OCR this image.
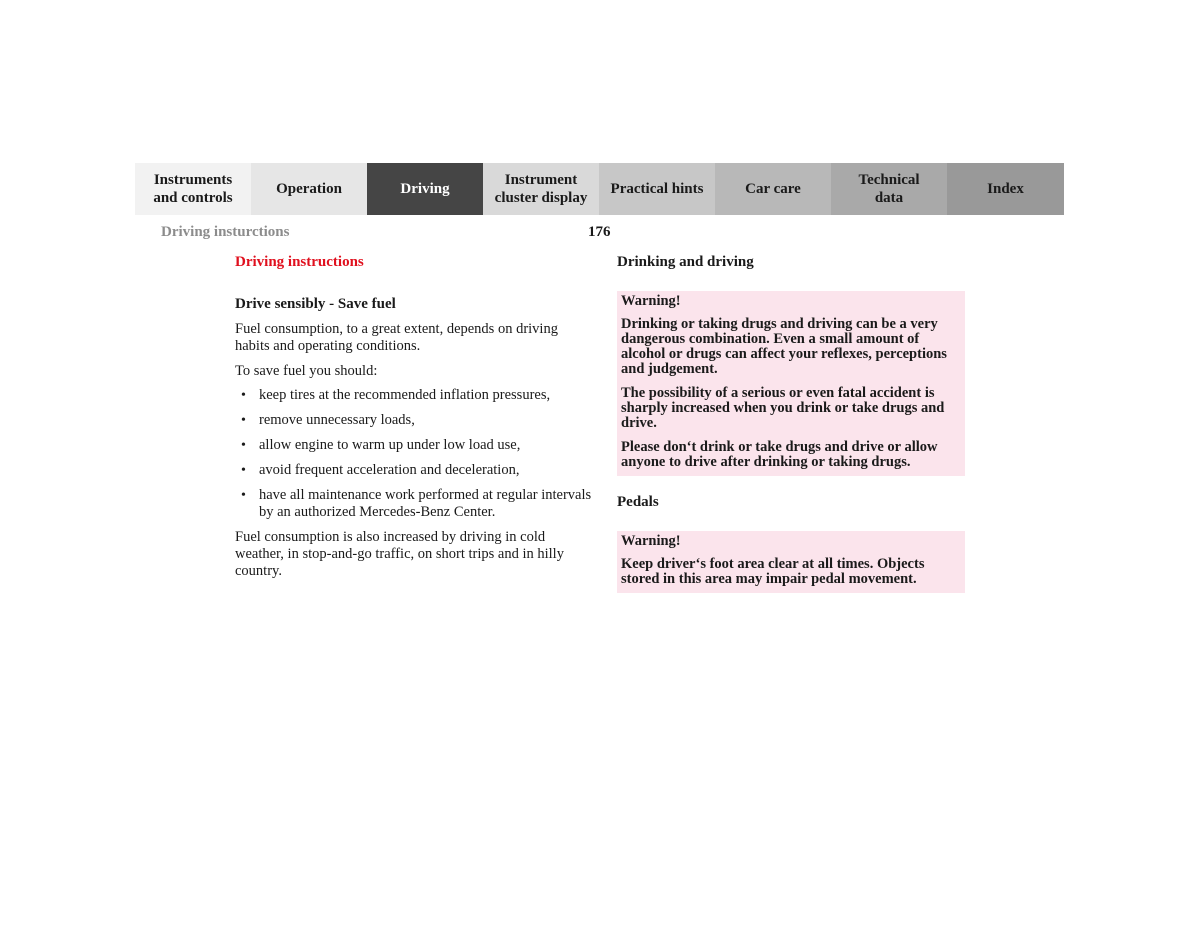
Instruments
and controls
Operation	Driving
Instrument
cluster display
Practical hints	Car care
Technical
data
Index
Driving insturctions	176
Driving instructions
Drive sensibly - Save fuel

Fuel consumption, to a great extent, depends on driving habits and operating conditions.

To save fuel you should:

• keep tires at the recommended inflation pressures,
• remove unnecessary loads,
• allow engine to warm up under low load use,
• avoid frequent acceleration and deceleration,
• have all maintenance work performed at regular intervals by an authorized Mercedes-Benz Center.

Fuel consumption is also increased by driving in cold weather, in stop-and-go traffic, on short trips and in hilly country.

Drinking and driving
Warning!
Drinking or taking drugs and driving can be a very dangerous combination. Even a small amount of alcohol or drugs can affect your reflexes, perceptions and judgement.
The possibility of a serious or even fatal accident is sharply increased when you drink or take drugs and drive.
Please don‘t drink or take drugs and drive or allow anyone to drive after drinking or taking drugs.
Pedals
Warning!
Keep driver‘s foot area clear at all times. Objects stored in this area may impair pedal movement.
